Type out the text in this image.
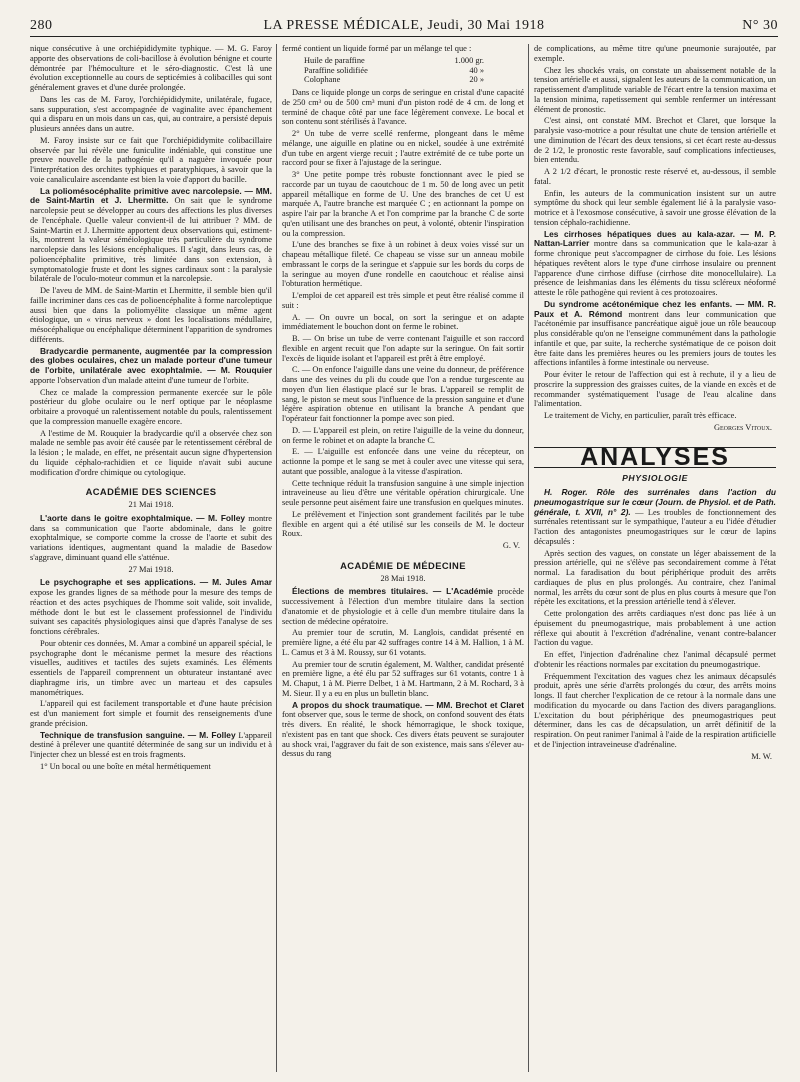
280	LA PRESSE MÉDICALE, Jeudi, 30 Mai 1918	N° 30

nique consécutive à une orchiépididymite typhique. — M. G. Faroy apporte des observations de coli-bacillose à évolution bénigne et courte démontrée par l'hémoculture et le séro-diagnostic. C'est là une évolution exceptionnelle au cours de septicémies à colibacilles qui sont généralement graves et d'une durée prolongée.

Dans les cas de M. Faroy, l'orchiépididymite, unilatérale, fugace, sans suppuration, s'est accompagnée de vaginalite avec épanchement qui a disparu en un mois dans un cas, qui, au contraire, a persisté depuis plusieurs années dans un autre.

M. Faroy insiste sur ce fait que l'orchiépididymite colibacillaire observée par lui révèle une funiculite indéniable, qui constitue une preuve nouvelle de la pathogénie qu'il a naguère invoquée pour l'interprétation des orchites typhiques et paratyphiques, à savoir que la voie canaliculaire ascendante est bien la voie d'apport du bacille.

La poliomésocéphalite primitive avec narcolepsie. — MM. de Saint-Martin et J. Lhermitte. On sait que le syndrome narcolepsie peut se développer au cours des affections les plus diverses de l'encéphale. Quelle valeur convient-il de lui attribuer ? MM. de Saint-Martin et J. Lhermitte apportent deux observations qui, estiment-ils, montrent la valeur séméiologique très particulière du syndrome narcolepsie dans les lésions encéphaliques. Il s'agit, dans leurs cas, de polioencéphalite primitive, très limitée dans son extension, à symptomatologie fruste et dont les signes cardinaux sont : la paralysie bilatérale de l'oculo-moteur commun et la narcolepsie.

De l'aveu de MM. de Saint-Martin et Lhermitte, il semble bien qu'il faille incriminer dans ces cas de polioencéphalite à forme narcoleptique aussi bien que dans la poliomyélite classique un même agent étiologique, un « virus nerveux » dont les localisations médullaire, mésocéphalique ou encéphalique déterminent l'apparition de syndromes différents.

Bradycardie permanente, augmentée par la compression des globes oculaires, chez un malade porteur d'une tumeur de l'orbite, unilatérale avec exophtalmie. — M. Rouquier apporte l'observation d'un malade atteint d'une tumeur de l'orbite.

Chez ce malade la compression permanente exercée sur le pôle postérieur du globe oculaire ou le nerf optique par le néoplasme orbitaire a provoqué un ralentissement notable du pouls, ralentissement que la compression manuelle exagère encore.

A l'estime de M. Rouquier la bradycardie qu'il a observée chez son malade ne semble pas avoir été causée par le retentissement cérébral de la lésion ; le malade, en effet, ne présentait aucun signe d'hypertension du liquide céphalo-rachidien et ce liquide n'avait subi aucune modification d'ordre chimique ou cytologique.

ACADÉMIE DES SCIENCES
21 Mai 1918.

L'aorte dans le goitre exophtalmique. — M. Folley montre dans sa communication que l'aorte abdominale, dans le goitre exophtalmique, se comporte comme la crosse de l'aorte et subit des variations identiques, augmentant quand la maladie de Basedow s'aggrave, diminuant quand elle s'atténue.

27 Mai 1918.

Le psychographe et ses applications. — M. Jules Amar expose les grandes lignes de sa méthode pour la mesure des temps de réaction et des actes psychiques de l'homme soit valide, soit invalide, méthode dont le but est le classement professionnel de l'individu suivant ses capacités physiologiques ainsi que d'après l'analyse de ses fonctions cérébrales.

Pour obtenir ces données, M. Amar a combiné un appareil spécial, le psychographe dont le mécanisme permet la mesure des réactions visuelles, auditives et tactiles des sujets examinés. Les éléments essentiels de l'appareil comprennent un obturateur instantané avec diaphragme iris, un timbre avec un marteau et des capsules manométriques.

L'appareil qui est facilement transportable et d'une haute précision est d'un maniement fort simple et fournit des renseignements d'une grande précision.

Technique de transfusion sanguine. — M. Folley L'appareil destiné à prélever une quantité déterminée de sang sur un individu et à l'injecter chez un blessé est en trois fragments.

1° Un bocal ou une boîte en métal hermétiquement

fermé contient un liquide formé par un mélange tel que :

Huile de paraffine	1.000 gr.
Paraffine solidifiée	40 »
Colophane	20 »

Dans ce liquide plonge un corps de seringue en cristal d'une capacité de 250 cm³ ou de 500 cm³ muni d'un piston rodé de 4 cm. de long et terminé de chaque côté par une face légèrement convexe. Le bocal et son contenu sont stérilisés à l'avance.

2° Un tube de verre scellé renferme, plongeant dans le même mélange, une aiguille en platine ou en nickel, soudée à une extrémité d'un tube en argent vierge recuit ; l'autre extrémité de ce tube porte un raccord pour se fixer à l'ajustage de la seringue.

3° Une petite pompe très robuste fonctionnant avec le pied se raccorde par un tuyau de caoutchouc de 1 m. 50 de long avec un petit appareil métallique en forme de U. Une des branches de cet U est marquée A, l'autre branche est marquée C ; en actionnant la pompe on aspire l'air par la branche A et l'on comprime par la branche C de sorte qu'en utilisant une des branches on peut, à volonté, obtenir l'inspiration ou la compression.

L'une des branches se fixe à un robinet à deux voies vissé sur un chapeau métallique fileté. Ce chapeau se visse sur un anneau mobile embrassant le corps de la seringue et s'appuie sur les bords du corps de la seringue au moyen d'une rondelle en caoutchouc et réalise ainsi l'obturation hermétique.

L'emploi de cet appareil est très simple et peut être réalisé comme il suit :

A. — On ouvre un bocal, on sort la seringue et on adapte immédiatement le bouchon dont on ferme le robinet.

B. — On brise un tube de verre contenant l'aiguille et son raccord flexible en argent recuit que l'on adapte sur la seringue. On fait sortir l'excès de liquide isolant et l'appareil est prêt à être employé.

C. — On enfonce l'aiguille dans une veine du donneur, de préférence dans une des veines du pli du coude que l'on a rendue turgescente au moyen d'un lien élastique placé sur le bras. L'appareil se remplit de sang, le piston se meut sous l'influence de la pression sanguine et d'une légère aspiration obtenue en utilisant la branche A pendant que l'opérateur fait fonctionner la pompe avec son pied.

D. — L'appareil est plein, on retire l'aiguille de la veine du donneur, on ferme le robinet et on adapte la branche C.

E. — L'aiguille est enfoncée dans une veine du récepteur, on actionne la pompe et le sang se met à couler avec une vitesse qui sera, autant que possible, analogue à la vitesse d'aspiration.

Cette technique réduit la transfusion sanguine à une simple injection intraveineuse au lieu d'être une véritable opération chirurgicale. Une seule personne peut aisément faire une transfusion en quelques minutes.

Le prélèvement et l'injection sont grandement facilités par le tube flexible en argent qui a été utilisé sur les conseils de M. le docteur Roux.

G. V.
ACADÉMIE DE MÉDECINE
28 Mai 1918.

Élections de membres titulaires. — L'Académie procède successivement à l'élection d'un membre titulaire dans la section d'anatomie et de physiologie et à celle d'un membre titulaire dans la section de médecine opératoire.

Au premier tour de scrutin, M. Langlois, candidat présenté en première ligne, a été élu par 42 suffrages contre 14 à M. Hallion, 1 à M. L. Camus et 3 à M. Roussy, sur 61 votants.

Au premier tour de scrutin également, M. Walther, candidat présenté en première ligne, a été élu par 52 suffrages sur 61 votants, contre 1 à M. Chaput, 1 à M. Pierre Delbet, 1 à M. Hartmann, 2 à M. Rochard, 3 à M. Sieur. Il y a eu en plus un bulletin blanc.

A propos du shock traumatique. — MM. Brechot et Claret font observer que, sous le terme de shock, on confond souvent des états très divers. En réalité, le shock hémorragique, le shock toxique, n'existent pas en tant que shock. Ces divers états peuvent se surajouter au shock vrai, l'aggraver du fait de son existence, mais sans s'élever au-dessus du rang

de complications, au même titre qu'une pneumonie surajoutée, par exemple.

Chez les shockés vrais, on constate un abaissement notable de la tension artérielle et aussi, signalent les auteurs de la communication, un rapetissement d'amplitude variable de l'écart entre la tension maxima et la tension minima, rapetissement qui semble renfermer un intéressant élément de pronostic.

C'est ainsi, ont constaté MM. Brechot et Claret, que lorsque la paralysie vaso-motrice a pour résultat une chute de tension artérielle et une diminution de l'écart des deux tensions, si cet écart reste au-dessus de 2 1/2, le pronostic reste favorable, sauf complications infectieuses, bien entendu.

A 2 1/2 d'écart, le pronostic reste réservé et, au-dessous, il semble fatal.

Enfin, les auteurs de la communication insistent sur un autre symptôme du shock qui leur semble également lié à la paralysie vaso-motrice et à l'exosmose consécutive, à savoir une grosse élévation de la tension céphalo-rachidienne.

Les cirrhoses hépatiques dues au kala-azar. — M. P. Nattan-Larrier montre dans sa communication que le kala-azar à forme chronique peut s'accompagner de cirrhose du foie. Les lésions hépatiques revêtent alors le type d'une cirrhose insulaire ou prennent l'apparence d'une cirrhose diffuse (cirrhose dite monocellulaire). La présence de leishmanias dans les éléments du tissu scléreux néoformé atteste le rôle pathogène qui revient à ces protozoaires.

Du syndrome acétonémique chez les enfants. — MM. R. Paux et A. Rémond montrent dans leur communication que l'acétonémie par insuffisance pancréatique aiguë joue un rôle beaucoup plus considérable qu'on ne l'enseigne communément dans la pathologie infantile et que, par suite, la recherche systématique de ce poison doit être faite dans les premières heures ou les premiers jours de toutes les affections infantiles à forme intestinale ou nerveuse.

Pour éviter le retour de l'affection qui est à rechute, il y a lieu de proscrire la suppression des graisses cuites, de la viande en excès et de recommander systématiquement l'usage de l'eau alcaline dans l'alimentation.

Le traitement de Vichy, en particulier, paraît très efficace.

Georges Vitoux.
ANALYSES
PHYSIOLOGIE

H. Roger. Rôle des surrénales dans l'action du pneumogastrique sur le cœur (Journ. de Physiol. et de Path. générale, t. XVII, n° 2). — Les troubles de fonctionnement des surrénales retentissant sur le sympathique, l'auteur a eu l'idée d'étudier l'action des antagonistes pneumogastriques sur le cœur de lapins décapsulés :

Après section des vagues, on constate un léger abaissement de la pression artérielle, qui ne s'élève pas secondairement comme à l'état normal. La faradisation du bout périphérique produit des arrêts cardiaques de plus en plus prolongés. Au contraire, chez l'animal normal, les arrêts du cœur sont de plus en plus courts à mesure que l'on répète les excitations, et la pression artérielle tend à s'élever.

Cette prolongation des arrêts cardiaques n'est donc pas liée à un épuisement du pneumogastrique, mais probablement à une action réflexe qui aboutit à l'excrétion d'adrénaline, venant contre-balancer l'action du vague.

En effet, l'injection d'adrénaline chez l'animal décapsulé permet d'obtenir les réactions normales par excitation du pneumogastrique.

Fréquemment l'excitation des vagues chez les animaux décapsulés produit, après une série d'arrêts prolongés du cœur, des arrêts moins longs. Il faut chercher l'explication de ce retour à la normale dans une modification du myocarde ou dans l'action des divers paraganglions. L'excitation du bout périphérique des pneumogastriques peut déterminer, dans les cas de décapsulation, un arrêt définitif de la respiration. On peut ranimer l'animal à l'aide de la respiration artificielle et de l'injection intraveineuse d'adrénaline.

M. W.
